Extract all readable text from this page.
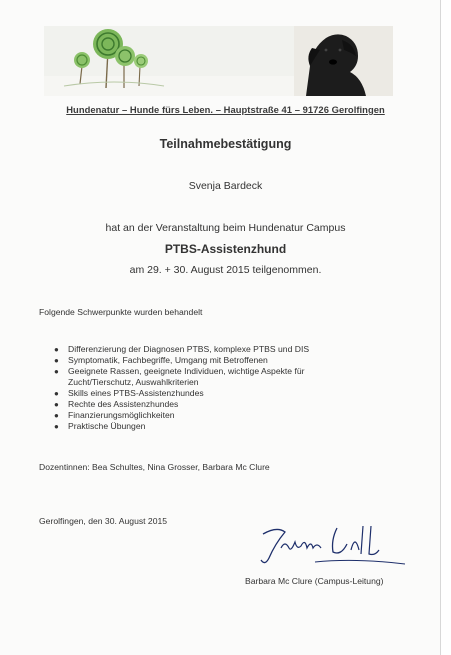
Hundenatur – Hunde fürs Leben. – Hauptstraße 41 – 91726 Gerolfingen
Teilnahmebestätigung
Svenja Bardeck
hat an der Veranstaltung beim Hundenatur Campus
PTBS-Assistenzhund
am 29. + 30. August 2015 teilgenommen.
Folgende Schwerpunkte wurden behandelt
● Differenzierung der Diagnosen PTBS, komplexe PTBS und DIS
● Symptomatik, Fachbegriffe, Umgang mit Betroffenen
● Geeignete Rassen, geeignete Individuen, wichtige Aspekte für Zucht/Tierschutz, Auswahlkriterien
● Skills eines PTBS-Assistenzhundes
● Rechte des Assistenzhundes
● Finanzierungsmöglichkeiten
● Praktische Übungen
Dozentinnen: Bea Schultes, Nina Grosser, Barbara Mc Clure
Gerolfingen, den 30. August 2015
Barbara Mc Clure (Campus-Leitung)
